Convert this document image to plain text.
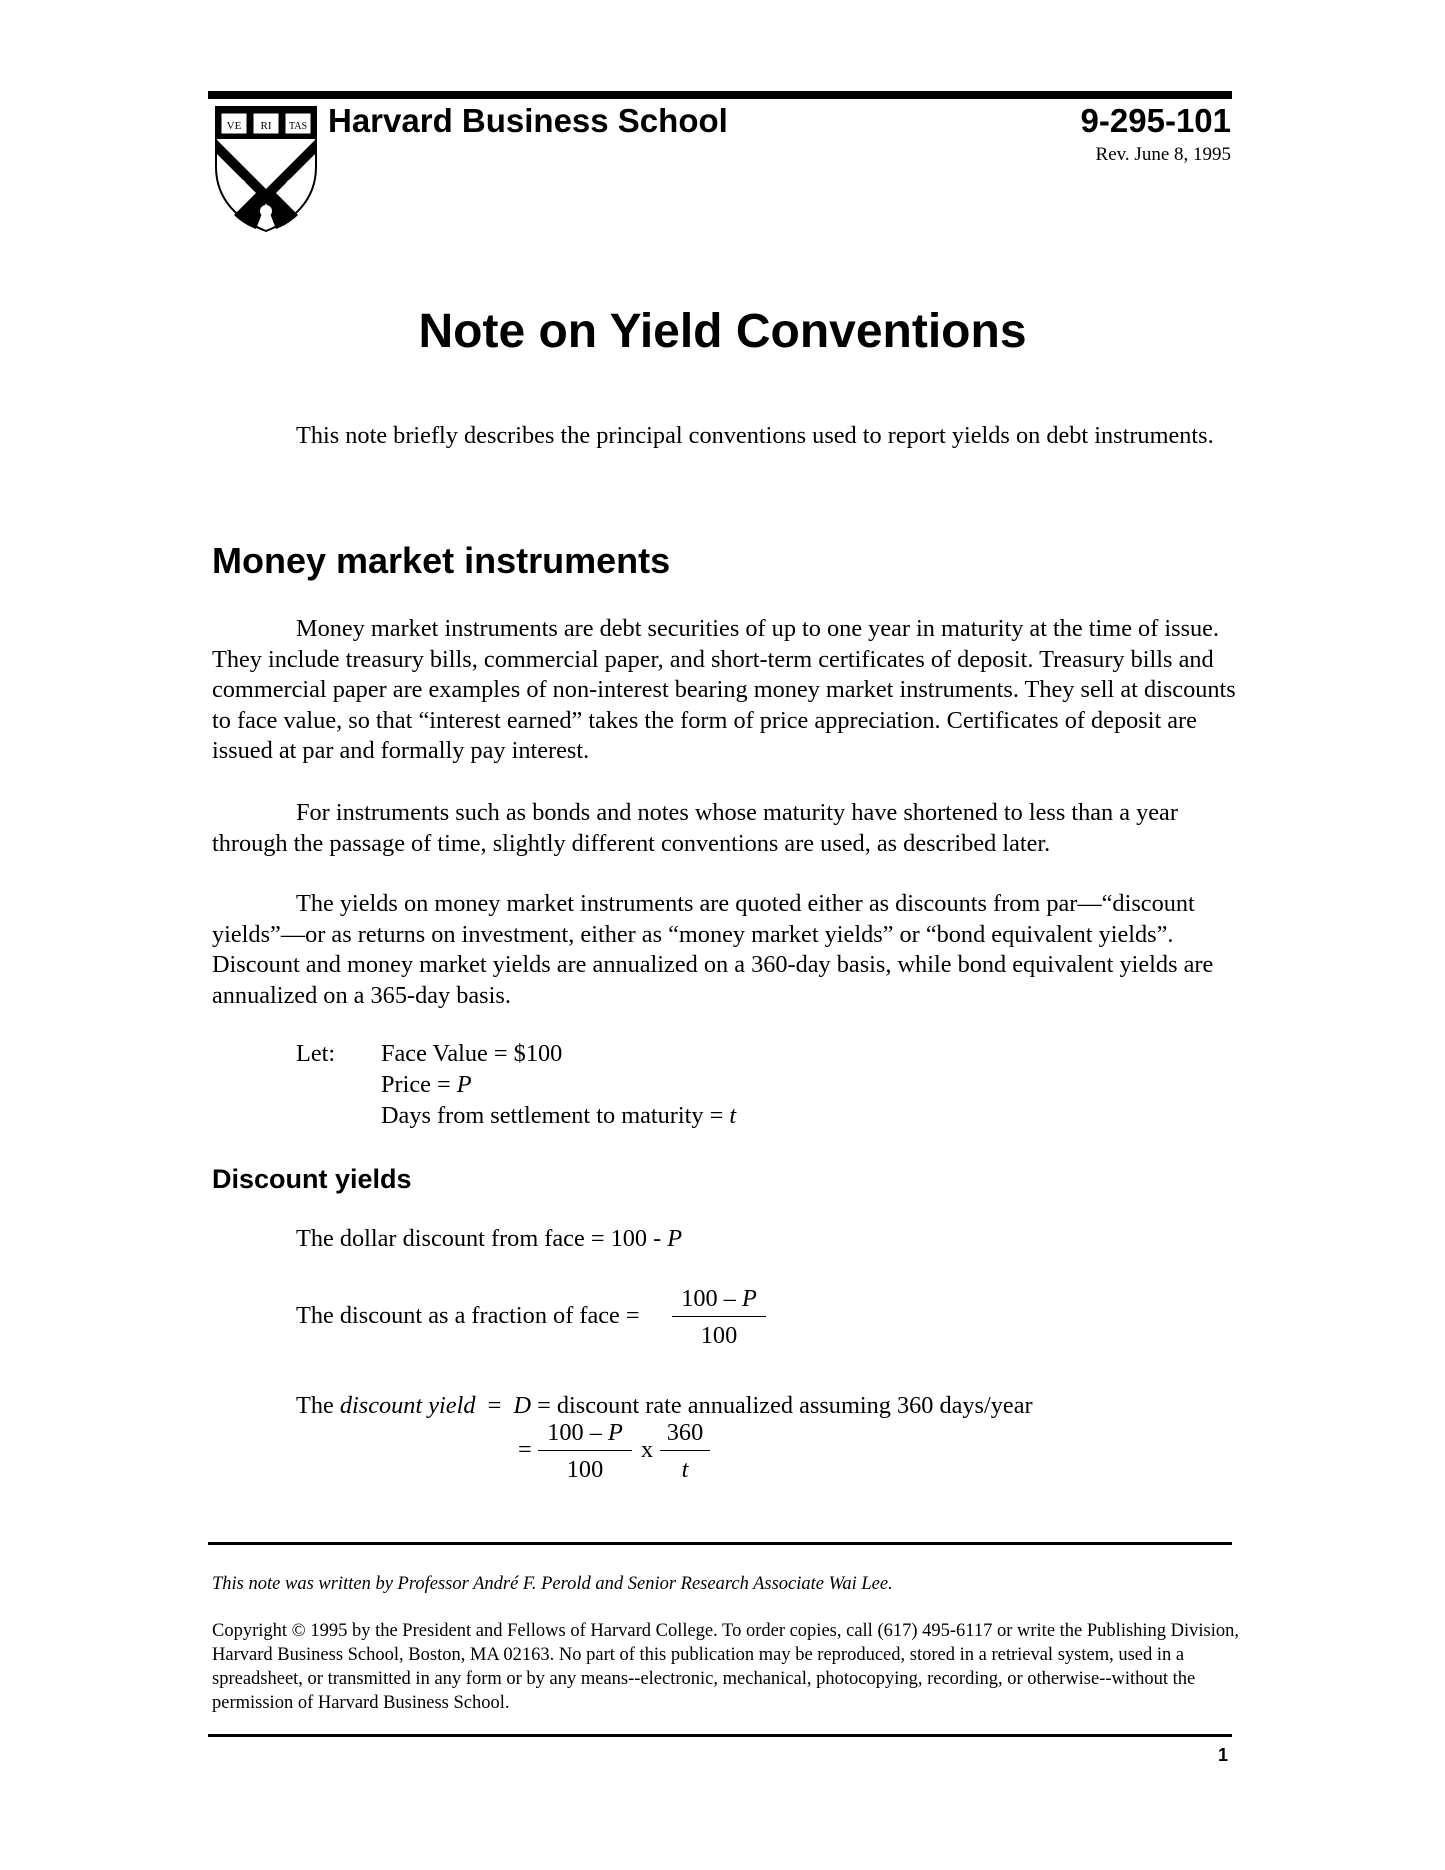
VE RI TAS Harvard Business School	9-295-101
Rev. June 8, 1995
Note on Yield Conventions

This note briefly describes the principal conventions used to report yields on debt instruments.

Money market instruments

Money market instruments are debt securities of up to one year in maturity at the time of issue. They include treasury bills, commercial paper, and short-term certificates of deposit. Treasury bills and commercial paper are examples of non-interest bearing money market instruments. They sell at discounts to face value, so that “interest earned” takes the form of price appreciation. Certificates of deposit are issued at par and formally pay interest.

For instruments such as bonds and notes whose maturity have shortened to less than a year through the passage of time, slightly different conventions are used, as described later.

The yields on money market instruments are quoted either as discounts from par—“discount yields”—or as returns on investment, either as “money market yields” or “bond equivalent yields”. Discount and money market yields are annualized on a 360-day basis, while bond equivalent yields are annualized on a 365-day basis.

Let: Face Value = $100
Price = P
Days from settlement to maturity = t
Discount yields
The dollar discount from face = 100 - P
The discount as a fraction of face = $\frac{100 - P}{100}$
The discount yield  =  D = discount rate annualized assuming 360 days/year
= $\frac{100 - P}{100}$ x $\frac{360}{t}$
This note was written by Professor André F. Perold and Senior Research Associate Wai Lee.

Copyright © 1995 by the President and Fellows of Harvard College. To order copies, call (617) 495-6117 or write the Publishing Division, Harvard Business School, Boston, MA 02163. No part of this publication may be reproduced, stored in a retrieval system, used in a spreadsheet, or transmitted in any form or by any means--electronic, mechanical, photocopying, recording, or otherwise--without the permission of Harvard Business School.

1
